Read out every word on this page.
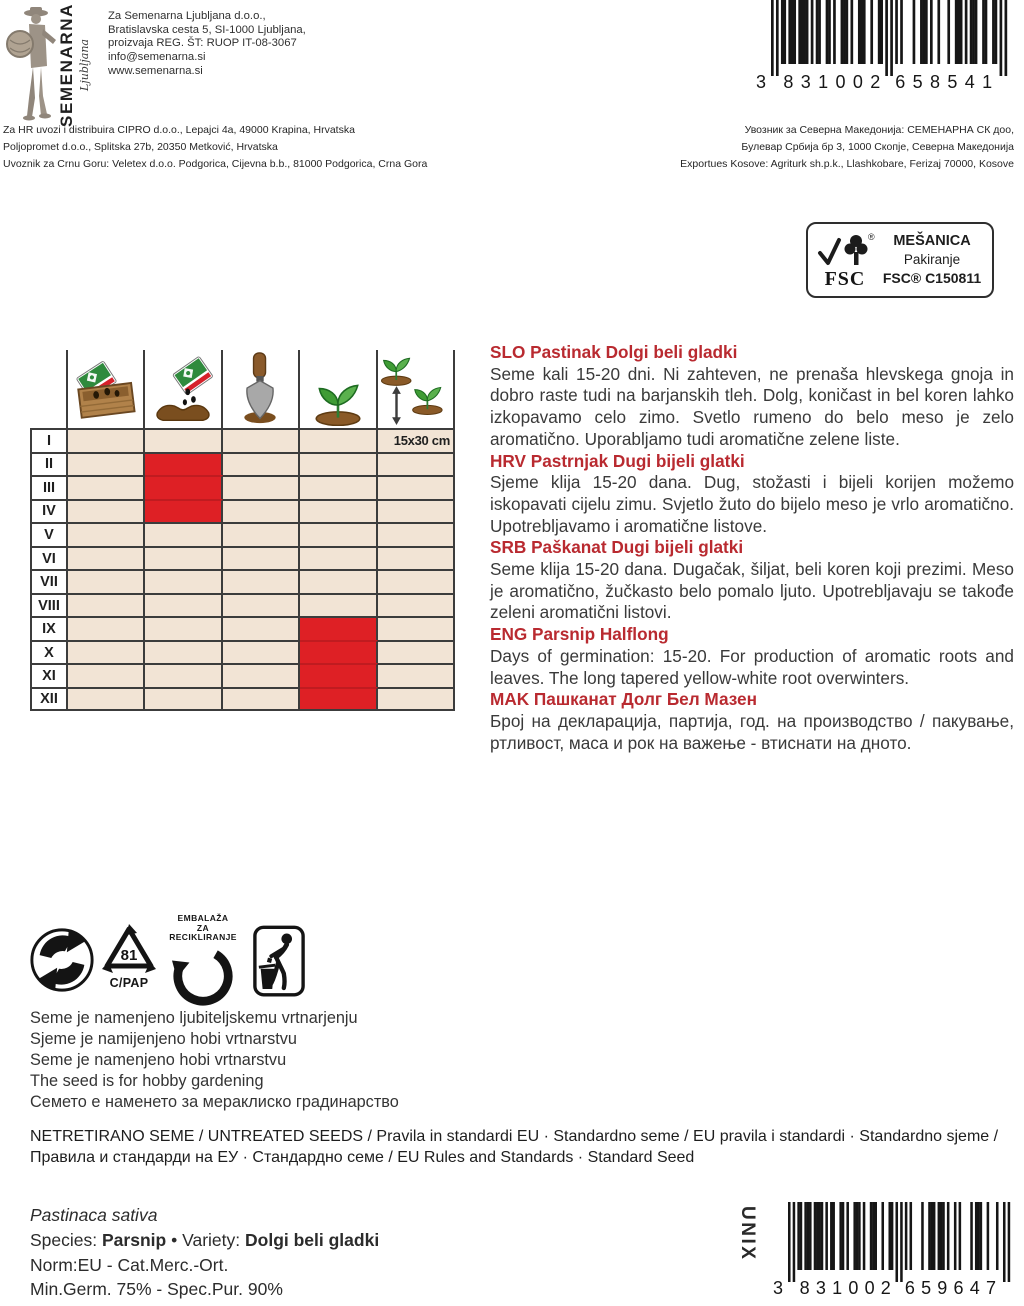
SEMENARNA Ljubljana
Za Semenarna Ljubljana d.o.o.,
Bratislavska cesta 5, SI-1000 Ljubljana,
proizvaja REG. ŠT: RUOP IT-08-3067
info@semenarna.si
www.semenarna.si
3 831002 658541
Za HR uvozi i distribuira CIPRO d.o.o., Lepajci 4a, 49000 Krapina, Hrvatska
Poljopromet d.o.o., Splitska 27b, 20350 Metković, Hrvatska
Uvoznik za Crnu Goru: Veletex d.o.o. Podgorica, Cijevna b.b., 81000 Podgorica, Crna Gora
Увозник за Северна Македонија: СЕМЕНАРНА СК доо,
Булевар Србија бр 3, 1000 Скопје, Северна Македонија
Exportues Kosove: Agriturk sh.p.k., Llashkobare, Ferizaj 70000, Kosove
®
FSC
MEŠANICA
Pakiranje
FSC® C150811
I	15x30 cm
II
III
IV
V
VI
VII
VIII
IX
X
XI
XII
SLO Pastinak Dolgi beli gladki

Seme kali 15-20 dni. Ni zahteven, ne prenaša hlevskega gnoja in dobro raste tudi na barjanskih tleh. Dolg, koničast in bel koren lahko izkopavamo celo zimo. Svetlo rumeno do belo meso je zelo aromatično. Uporabljamo tudi aromatične zelene liste.

HRV Pastrnjak Dugi bijeli glatki

Sjeme klija 15-20 dana. Dug, stožasti i bijeli korijen možemo iskopavati cijelu zimu. Svjetlo žuto do bijelo meso je vrlo aromatično. Upotrebljavamo i aromatične listove.

SRB Paškanat Dugi bijeli glatki

Seme klija 15-20 dana. Dugačak, šiljat, beli koren koji prezimi. Meso je aromatično, žučkasto belo pomalo ljuto. Upotrebljavaju se takođe zeleni aromatični listovi.

ENG Parsnip Halflong

Days of germination: 15-20. For production of aromatic roots and leaves. The long tapered yellow-white root overwinters.

MAK Пашканат Долг Бел Мазен

Број на декларација, партија, год. на производство / пакување, ртливост, маса и рок на важење - втиснати на дното.

81
C/PAP
EMBALAŽA
ZA RECIKLIRANJE
Seme je namenjeno ljubiteljskemu vrtnarjenju
Sjeme je namijenjeno hobi vrtnarstvu
Seme je namenjeno hobi vrtnarstvu
The seed is for hobby gardening
Семето е наменето за мераклиско градинарство

NETRETIRANO SEME / UNTREATED SEEDS / Pravila in standardi EU · Standardno seme / EU pravila i standardi · Standardno sjeme / Правила и стандарди на ЕУ · Стандардно семе / EU Rules and Standards · Standard Seed

Pastinaca sativa
Species: Parsnip • Variety: Dolgi beli gladki
Norm:EU - Cat.Merc.-Ort.
Min.Germ. 75% - Spec.Pur. 90%
UNIX
3 831002 659647
